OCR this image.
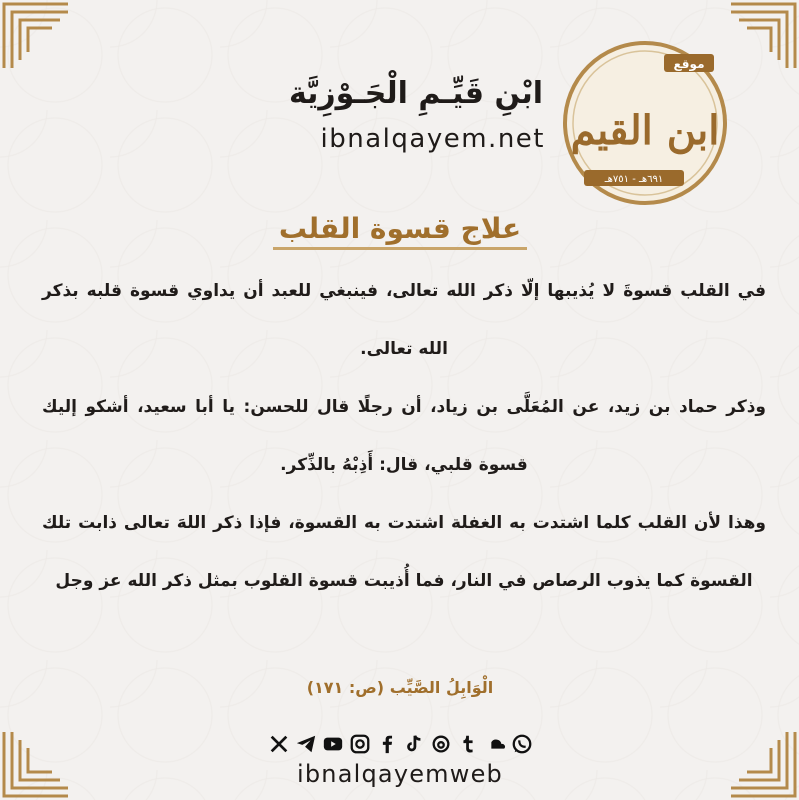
موقع
ابن القيم
٦٩١هـ - ٧٥١هـ
ابْنِ قَيِّـمِ الْجَـوْزِيَّة
ibnalqayem.net
علاج قسوة القلب

في القلب قسوةَ لا يُذيبها إلّا ذكر الله تعالى، فينبغي للعبد أن يداوي قسوة قلبه بذكر الله تعالى.

وذكر حماد بن زيد، عن المُعَلَّى بن زياد، أن رجلًا قال للحسن: يا أبا سعيد، أشكو إليك قسوة قلبي، قال: أَذِبْهُ بالذِّكر.

وهذا لأن القلب كلما اشتدت به الغفلة اشتدت به القسوة، فإذا ذكر اللهَ تعالى ذابت تلك القسوة كما يذوب الرصاص في النار، فما أُذيبت قسوة القلوب بمثل ذكر الله عز وجل

الْوَابِلُ الصَّيِّب (ص: ١٧١)
ibnalqayemweb
